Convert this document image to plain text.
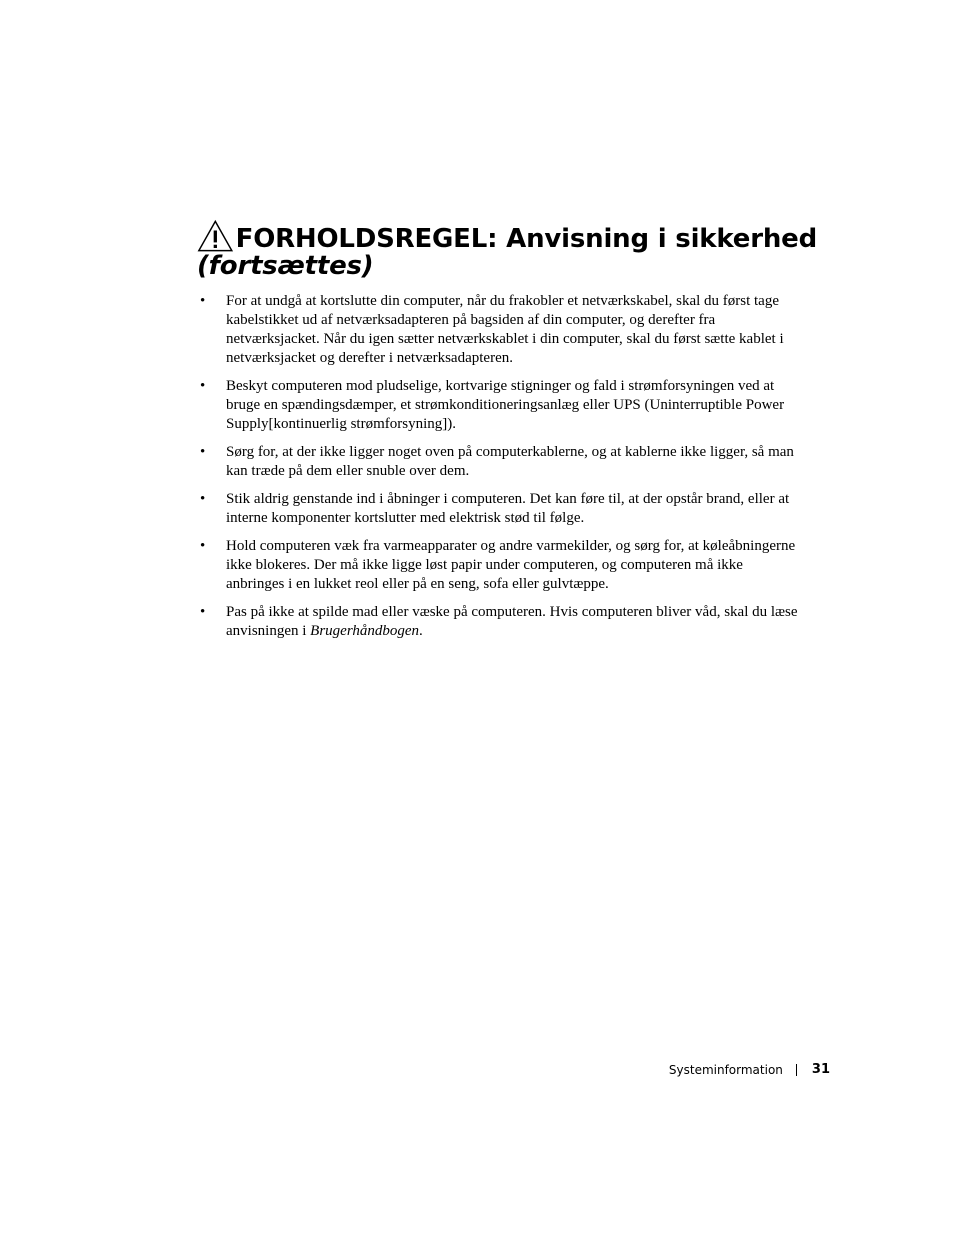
FORHOLDSREGEL : Anvisning i sikkerhed
(fortsættes)
• For at undgå at kortslutte din computer, når du frakobler et netværkskabel, skal du først tage kabelstikket ud af netværksadapteren på bagsiden af din computer, og derefter fra netværksjacket. Når du igen sætter netværkskablet i din computer, skal du først sætte kablet i netværksjacket og derefter i netværksadapteren.
• Beskyt computeren mod pludselige, kortvarige stigninger og fald i strømforsyningen ved at bruge en spændingsdæmper, et strømkonditioneringsanlæg eller UPS (Uninterruptible Power Supply[kontinuerlig strømforsyning]).
• Sørg for, at der ikke ligger noget oven på computerkablerne, og at kablerne ikke ligger, så man kan træde på dem eller snuble over dem.
• Stik aldrig genstande ind i åbninger i computeren. Det kan føre til, at der opstår brand, eller at interne komponenter kortslutter med elektrisk stød til følge.
• Hold computeren væk fra varmeapparater og andre varmekilder, og sørg for, at køleåbningerne ikke blokeres. Der må ikke ligge løst papir under computeren, og computeren må ikke anbringes i en lukket reol eller på en seng, sofa eller gulvtæppe.
• Pas på ikke at spilde mad eller væske på computeren. Hvis computeren bliver våd, skal du læse anvisningen i Brugerhåndbogen.
Systeminformation 31
